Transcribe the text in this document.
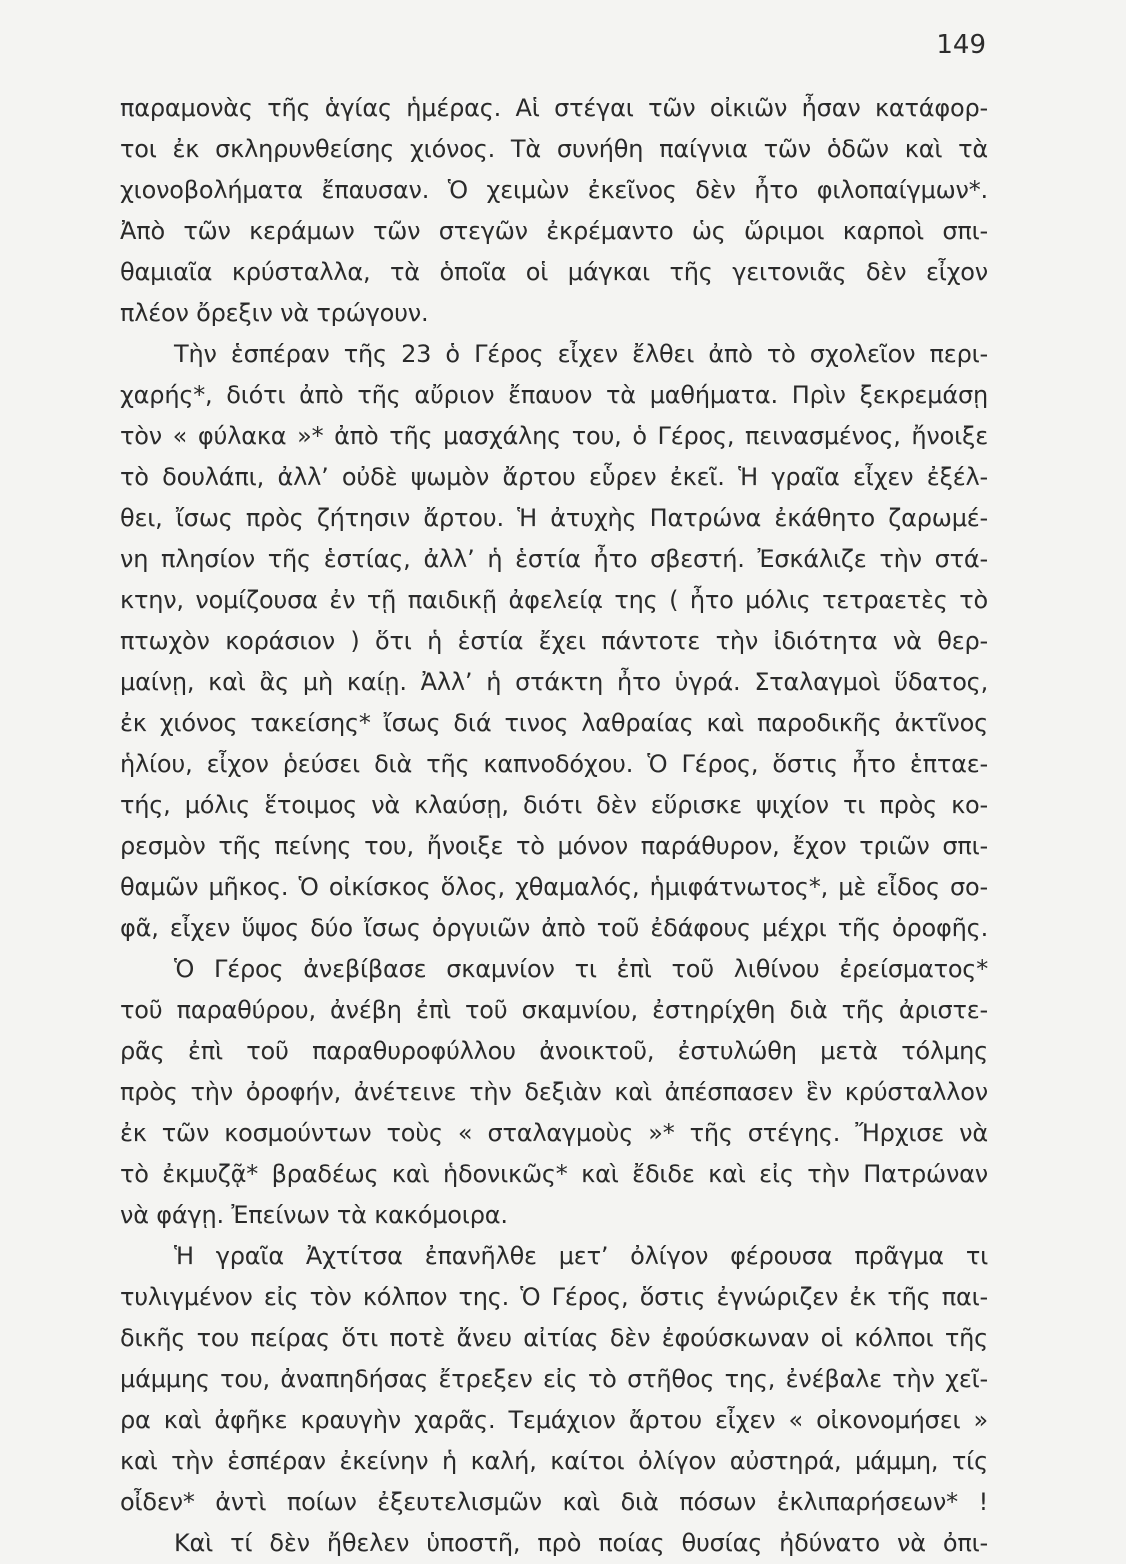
149

παραμονὰς τῆς ἁγίας ἡμέρας. Αἱ στέγαι τῶν οἰκιῶν ἦσαν κατάφορ-

τοι ἐκ σκληρυνθείσης χιόνος. Τὰ συνήθη παίγνια τῶν ὁδῶν καὶ τὰ

χιονοβολήματα ἔπαυσαν. Ὁ χειμὼν ἐκεῖνος δὲν ἦτο φιλοπαίγμων*.

Ἀπὸ τῶν κεράμων τῶν στεγῶν ἐκρέμαντο ὡς ὥριμοι καρποὶ σπι-

θαμιαῖα κρύσταλλα, τὰ ὁποῖα οἱ μάγκαι τῆς γειτονιᾶς δὲν εἶχον

πλέον ὄρεξιν νὰ τρώγουν.

Τὴν ἑσπέραν τῆς 23 ὁ Γέρος εἶχεν ἔλθει ἀπὸ τὸ σχολεῖον περι-

χαρής*, διότι ἀπὸ τῆς αὔριον ἔπαυον τὰ μαθήματα. Πρὶν ξεκρεμάσῃ

τὸν « φύλακα »* ἀπὸ τῆς μασχάλης του, ὁ Γέρος, πεινασμένος, ἤνοιξε

τὸ δουλάπι, ἀλλ’ οὐδὲ ψωμὸν ἄρτου εὗρεν ἐκεῖ. Ἡ γραῖα εἶχεν ἐξέλ-

θει, ἴσως πρὸς ζήτησιν ἄρτου. Ἡ ἀτυχὴς Πατρώνα ἐκάθητο ζαρωμέ-

νη πλησίον τῆς ἑστίας, ἀλλ’ ἡ ἑστία ἦτο σβεστή. Ἐσκάλιζε τὴν στά-

κτην, νομίζουσα ἐν τῇ παιδικῇ ἀφελείᾳ της ( ἦτο μόλις τετραετὲς τὸ

πτωχὸν κοράσιον ) ὅτι ἡ ἑστία ἔχει πάντοτε τὴν ἰδιότητα νὰ θερ-

μαίνῃ, καὶ ἂς μὴ καίῃ. Ἀλλ’ ἡ στάκτη ἦτο ὑγρά. Σταλαγμοὶ ὕδατος,

ἐκ χιόνος τακείσης* ἴσως διά τινος λαθραίας καὶ παροδικῆς ἀκτῖνος

ἡλίου, εἶχον ῥεύσει διὰ τῆς καπνοδόχου. Ὁ Γέρος, ὅστις ἦτο ἑπταε-

τής, μόλις ἕτοιμος νὰ κλαύσῃ, διότι δὲν εὕρισκε ψιχίον τι πρὸς κο-

ρεσμὸν τῆς πείνης του, ἤνοιξε τὸ μόνον παράθυρον, ἔχον τριῶν σπι-

θαμῶν μῆκος. Ὁ οἰκίσκος ὅλος, χθαμαλός, ἡμιφάτνωτος*, μὲ εἶδος σο-

φᾶ, εἶχεν ὕψος δύο ἴσως ὀργυιῶν ἀπὸ τοῦ ἐδάφους μέχρι τῆς ὀροφῆς.

Ὁ Γέρος ἀνεβίβασε σκαμνίον τι ἐπὶ τοῦ λιθίνου ἐρείσματος*

τοῦ παραθύρου, ἀνέβη ἐπὶ τοῦ σκαμνίου, ἐστηρίχθη διὰ τῆς ἀριστε-

ρᾶς ἐπὶ τοῦ παραθυροφύλλου ἀνοικτοῦ, ἐστυλώθη μετὰ τόλμης

πρὸς τὴν ὀροφήν, ἀνέτεινε τὴν δεξιὰν καὶ ἀπέσπασεν ἓν κρύσταλλον

ἐκ τῶν κοσμούντων τοὺς « σταλαγμοὺς »* τῆς στέγης. Ἤρχισε νὰ

τὸ ἐκμυζᾷ* βραδέως καὶ ἡδονικῶς* καὶ ἔδιδε καὶ εἰς τὴν Πατρώναν

νὰ φάγῃ. Ἐπείνων τὰ κακόμοιρα.

Ἡ γραῖα Ἀχτίτσα ἐπανῆλθε μετ’ ὀλίγον φέρουσα πρᾶγμα τι

τυλιγμένον εἰς τὸν κόλπον της. Ὁ Γέρος, ὅστις ἐγνώριζεν ἐκ τῆς παι-

δικῆς του πείρας ὅτι ποτὲ ἄνευ αἰτίας δὲν ἐφούσκωναν οἱ κόλποι τῆς

μάμμης του, ἀναπηδήσας ἔτρεξεν εἰς τὸ στῆθος της, ἐνέβαλε τὴν χεῖ-

ρα καὶ ἀφῆκε κραυγὴν χαρᾶς. Τεμάχιον ἄρτου εἶχεν « οἰκονομήσει »

καὶ τὴν ἑσπέραν ἐκείνην ἡ καλή, καίτοι ὀλίγον αὐστηρά, μάμμη, τίς

οἶδεν* ἀντὶ ποίων ἐξευτελισμῶν καὶ διὰ πόσων ἐκλιπαρήσεων* !

Καὶ τί δὲν ἤθελεν ὑποστῆ, πρὸ ποίας θυσίας ἠδύνατο νὰ ὀπι-
